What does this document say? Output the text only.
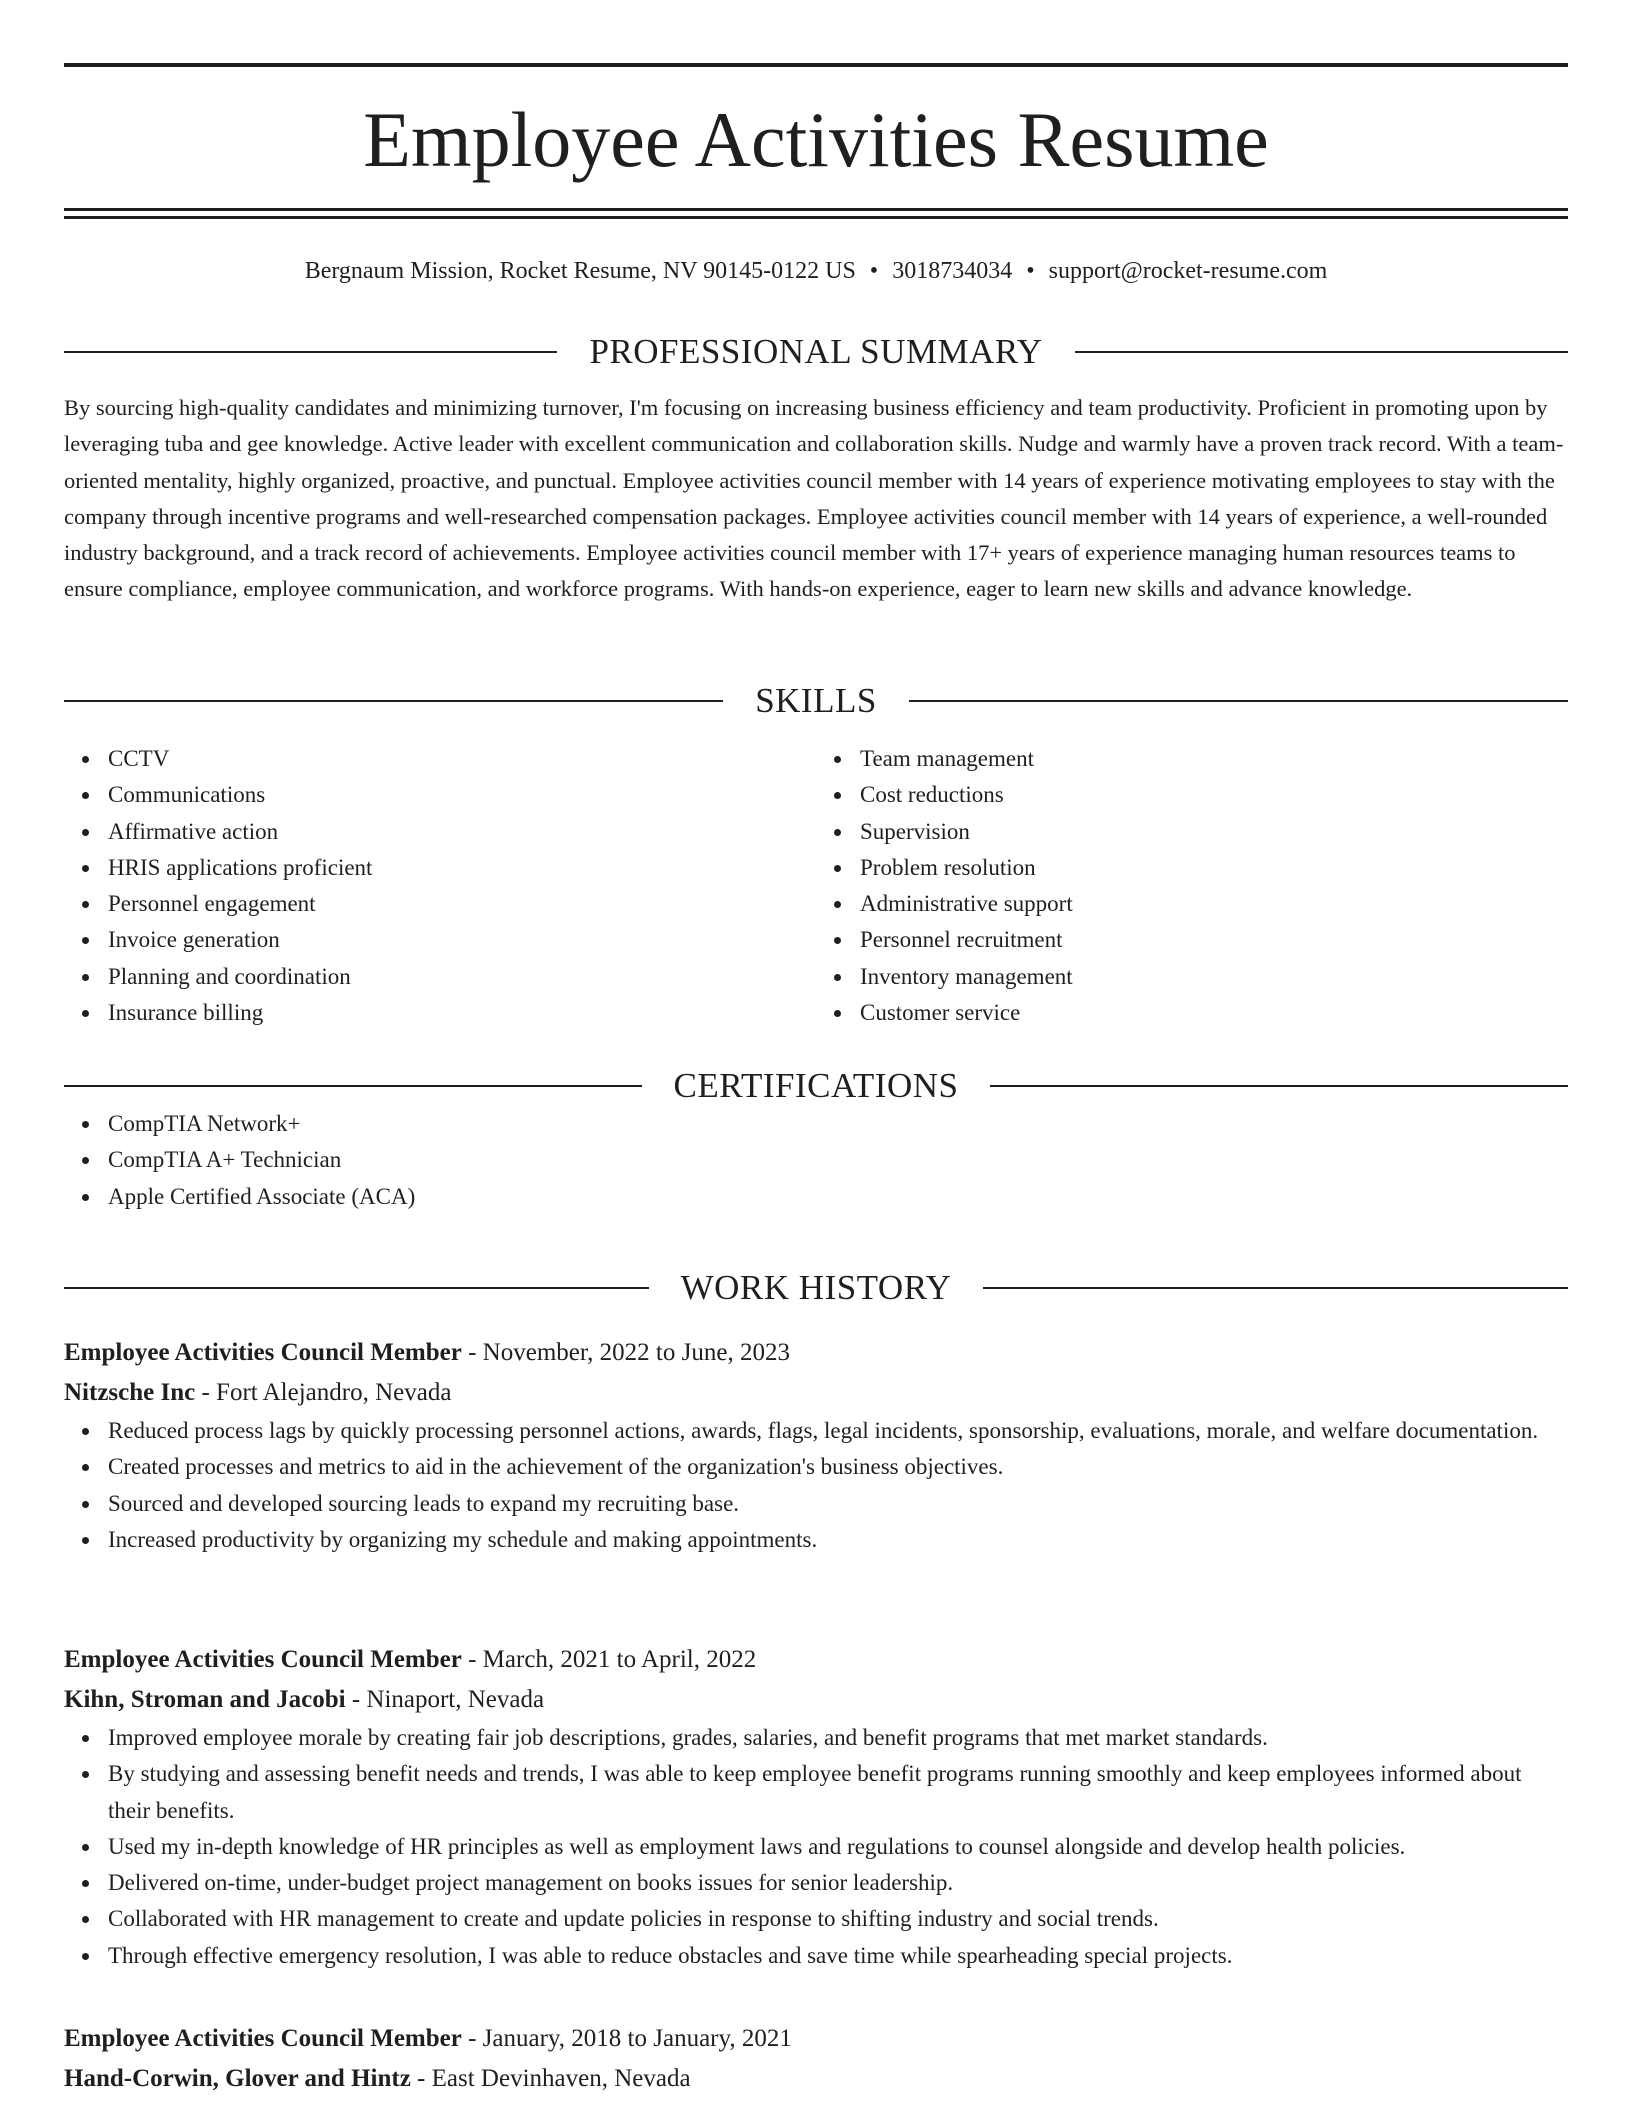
Employee Activities Resume
Bergnaum Mission, Rocket Resume, NV 90145-0122 US • 3018734034 • support@rocket-resume.com
PROFESSIONAL SUMMARY
By sourcing high-quality candidates and minimizing turnover, I'm focusing on increasing business efficiency and team productivity. Proficient in promoting upon by leveraging tuba and gee knowledge. Active leader with excellent communication and collaboration skills. Nudge and warmly have a proven track record. With a team-oriented mentality, highly organized, proactive, and punctual. Employee activities council member with 14 years of experience motivating employees to stay with the company through incentive programs and well-researched compensation packages. Employee activities council member with 14 years of experience, a well-rounded industry background, and a track record of achievements. Employee activities council member with 17+ years of experience managing human resources teams to ensure compliance, employee communication, and workforce programs. With hands-on experience, eager to learn new skills and advance knowledge.
SKILLS
CCTV
Communications
Affirmative action
HRIS applications proficient
Personnel engagement
Invoice generation
Planning and coordination
Insurance billing
Team management
Cost reductions
Supervision
Problem resolution
Administrative support
Personnel recruitment
Inventory management
Customer service
CERTIFICATIONS
CompTIA Network+
CompTIA A+ Technician
Apple Certified Associate (ACA)
WORK HISTORY
Employee Activities Council Member - November, 2022 to June, 2023
Nitzsche Inc - Fort Alejandro, Nevada
Reduced process lags by quickly processing personnel actions, awards, flags, legal incidents, sponsorship, evaluations, morale, and welfare documentation.
Created processes and metrics to aid in the achievement of the organization's business objectives.
Sourced and developed sourcing leads to expand my recruiting base.
Increased productivity by organizing my schedule and making appointments.
Employee Activities Council Member - March, 2021 to April, 2022
Kihn, Stroman and Jacobi - Ninaport, Nevada
Improved employee morale by creating fair job descriptions, grades, salaries, and benefit programs that met market standards.
By studying and assessing benefit needs and trends, I was able to keep employee benefit programs running smoothly and keep employees informed about their benefits.
Used my in-depth knowledge of HR principles as well as employment laws and regulations to counsel alongside and develop health policies.
Delivered on-time, under-budget project management on books issues for senior leadership.
Collaborated with HR management to create and update policies in response to shifting industry and social trends.
Through effective emergency resolution, I was able to reduce obstacles and save time while spearheading special projects.
Employee Activities Council Member - January, 2018 to January, 2021
Hand-Corwin, Glover and Hintz - East Devinhaven, Nevada
